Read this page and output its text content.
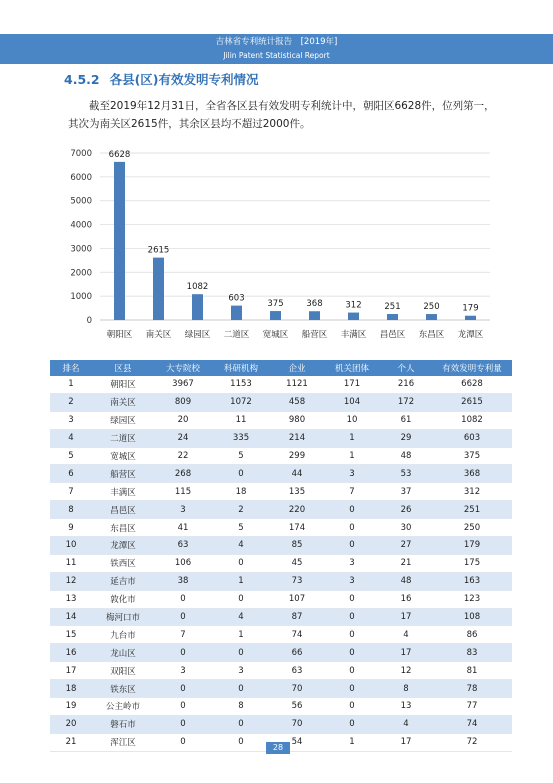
吉林省专利统计报告　[2019年]
Jilin Patent Statistical Report
4.5.2 各县(区)有效发明专利情况
截至2019年12月31日，全省各区县有效发明专利统计中，朝阳区6628件，位列第一，其次为南关区2615件，其余区县均不超过2000件。
0
1000
2000
3000
4000
5000
6000
7000 6628
朝阳区
2615
南关区
1082
绿园区
603
二道区
375
宽城区
368
船营区
312
丰满区
251
昌邑区
250
东昌区
179
龙潭区
排名	区县	大专院校	科研机构	企业	机关团体	个人	有效发明专利量
1	朝阳区	3967	1153	1121	171	216	6628
2	南关区	809	1072	458	104	172	2615
3	绿园区	20	11	980	10	61	1082
4	二道区	24	335	214	1	29	603
5	宽城区	22	5	299	1	48	375
6	船营区	268	0	44	3	53	368
7	丰满区	115	18	135	7	37	312
8	昌邑区	3	2	220	0	26	251
9	东昌区	41	5	174	0	30	250
10	龙潭区	63	4	85	0	27	179
11	铁西区	106	0	45	3	21	175
12	延吉市	38	1	73	3	48	163
13	敦化市	0	0	107	0	16	123
14	梅河口市	0	4	87	0	17	108
15	九台市	7	1	74	0	4	86
16	龙山区	0	0	66	0	17	83
17	双阳区	3	3	63	0	12	81
18	铁东区	0	0	70	0	8	78
19	公主岭市	0	8	56	0	13	77
20	磐石市	0	0	70	0	4	74
21	浑江区	0	0	54	1	17	72
28
